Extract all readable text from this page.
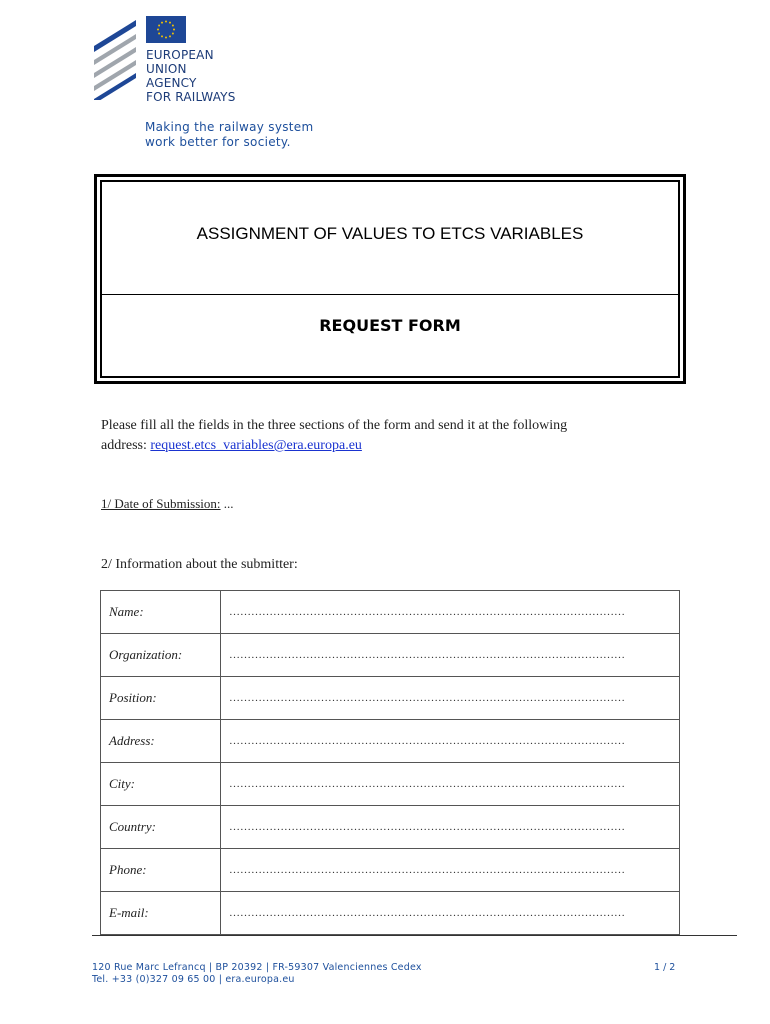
EUROPEAN
UNION
AGENCY
FOR RAILWAYS
Making the railway system
work better for society.
ASSIGNMENT OF VALUES TO ETCS VARIABLES
REQUEST FORM
Please fill all the fields in the three sections of the form and send it at the following
address: request.etcs_variables@era.europa.eu
1/ Date of Submission: ...
2/ Information about the submitter:
Name:	………………………………………………………………………………………………
Organization:	………………………………………………………………………………………………
Position:	………………………………………………………………………………………………
Address:	………………………………………………………………………………………………
City:	………………………………………………………………………………………………
Country:	………………………………………………………………………………………………
Phone:	………………………………………………………………………………………………
E-mail:	………………………………………………………………………………………………
120 Rue Marc Lefrancq | BP 20392 | FR-59307 Valenciennes Cedex
Tel. +33 (0)327 09 65 00 | era.europa.eu
1 / 2
